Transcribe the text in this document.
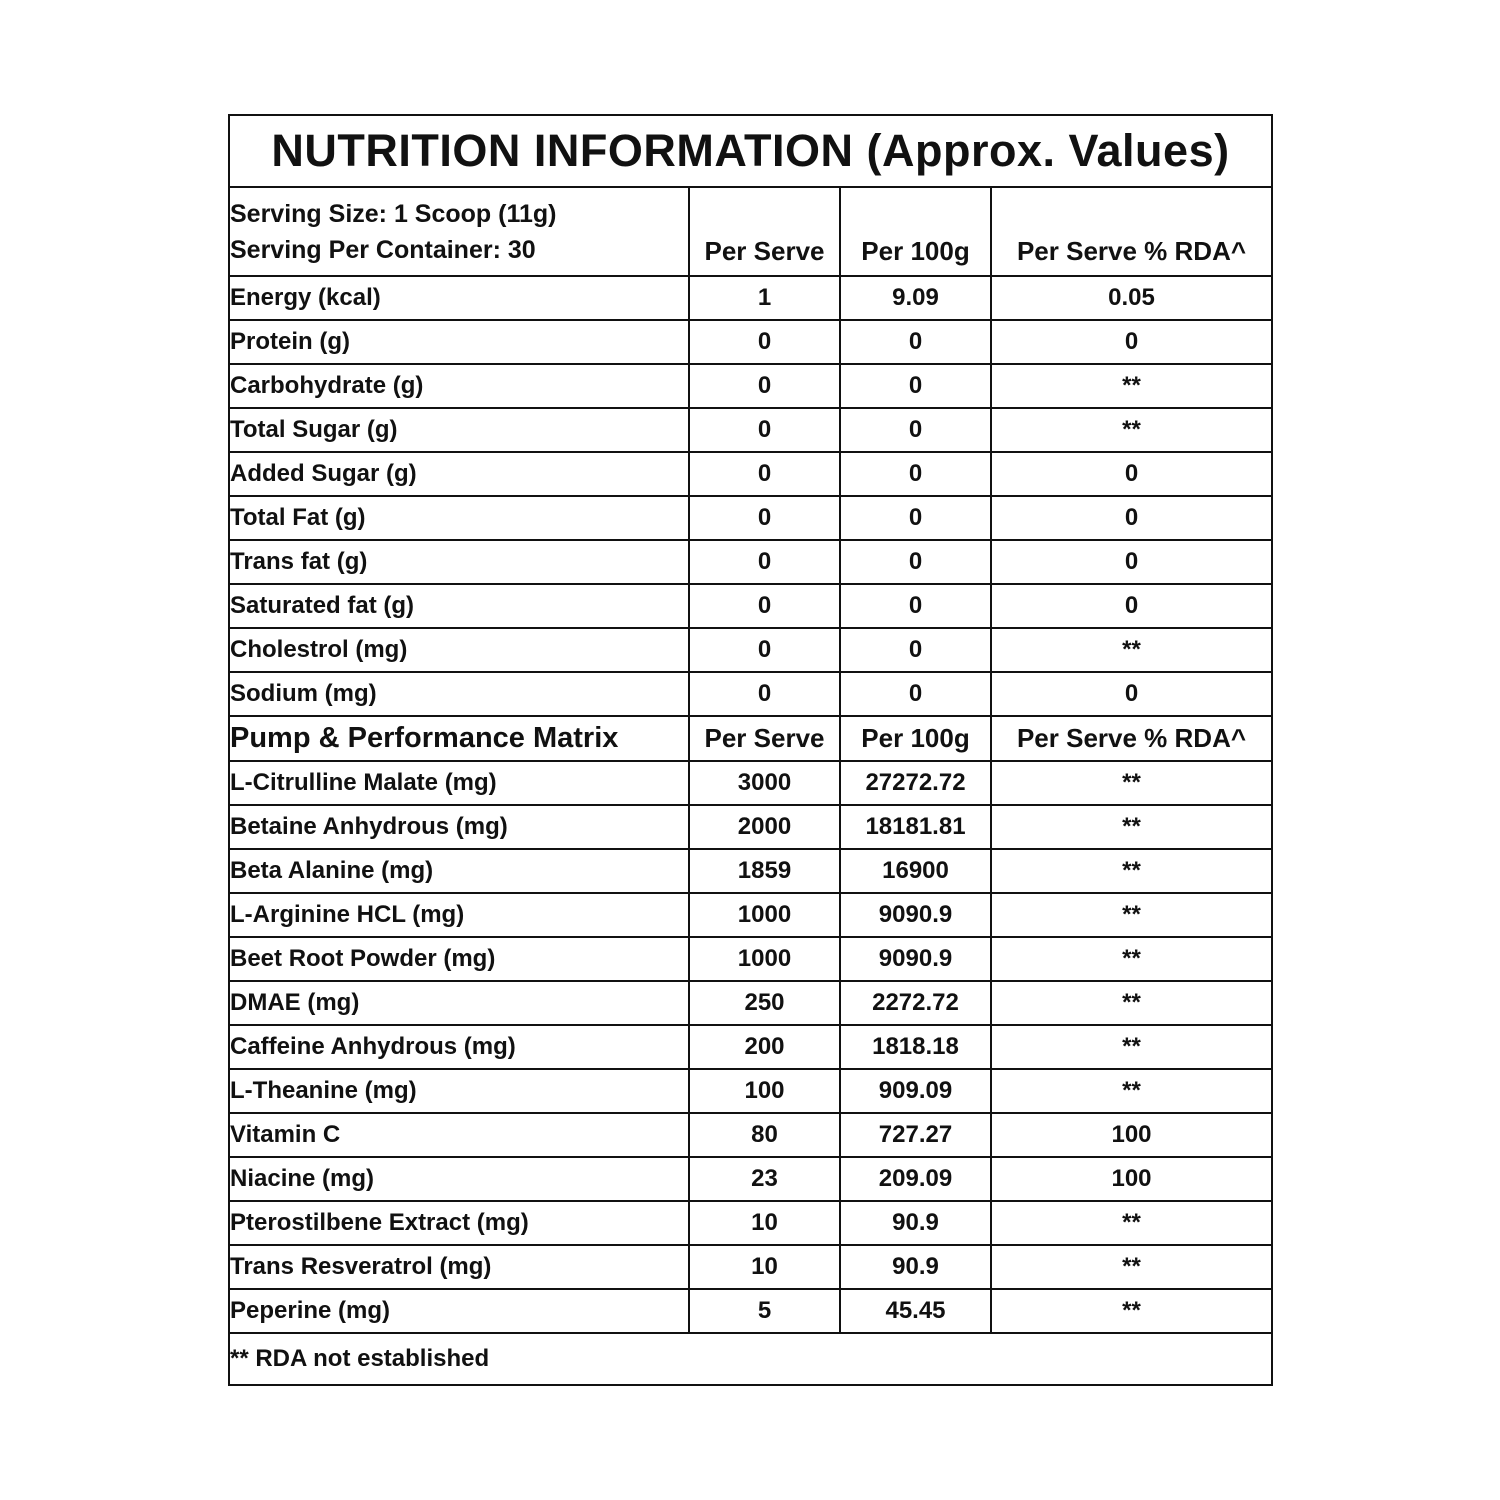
NUTRITION INFORMATION (Approx. Values)
Serving Size: 1 Scoop (11g)
Serving Per Container: 30	Per Serve	Per 100g	Per Serve % RDA^
Energy (kcal)	1	9.09	0.05
Protein (g)	0	0	0
Carbohydrate (g)	0	0	**
Total Sugar (g)	0	0	**
Added Sugar (g)	0	0	0
Total Fat (g)	0	0	0
Trans fat (g)	0	0	0
Saturated fat (g)	0	0	0
Cholestrol (mg)	0	0	**
Sodium (mg)	0	0	0
Pump & Performance Matrix	Per Serve	Per 100g	Per Serve % RDA^
L-Citrulline Malate (mg)	3000	27272.72	**
Betaine Anhydrous (mg)	2000	18181.81	**
Beta Alanine (mg)	1859	16900	**
L-Arginine HCL (mg)	1000	9090.9	**
Beet Root Powder (mg)	1000	9090.9	**
DMAE (mg)	250	2272.72	**
Caffeine Anhydrous (mg)	200	1818.18	**
L-Theanine (mg)	100	909.09	**
Vitamin C	80	727.27	100
Niacine (mg)	23	209.09	100
Pterostilbene Extract (mg)	10	90.9	**
Trans Resveratrol (mg)	10	90.9	**
Peperine (mg)	5	45.45	**
** RDA not established			
